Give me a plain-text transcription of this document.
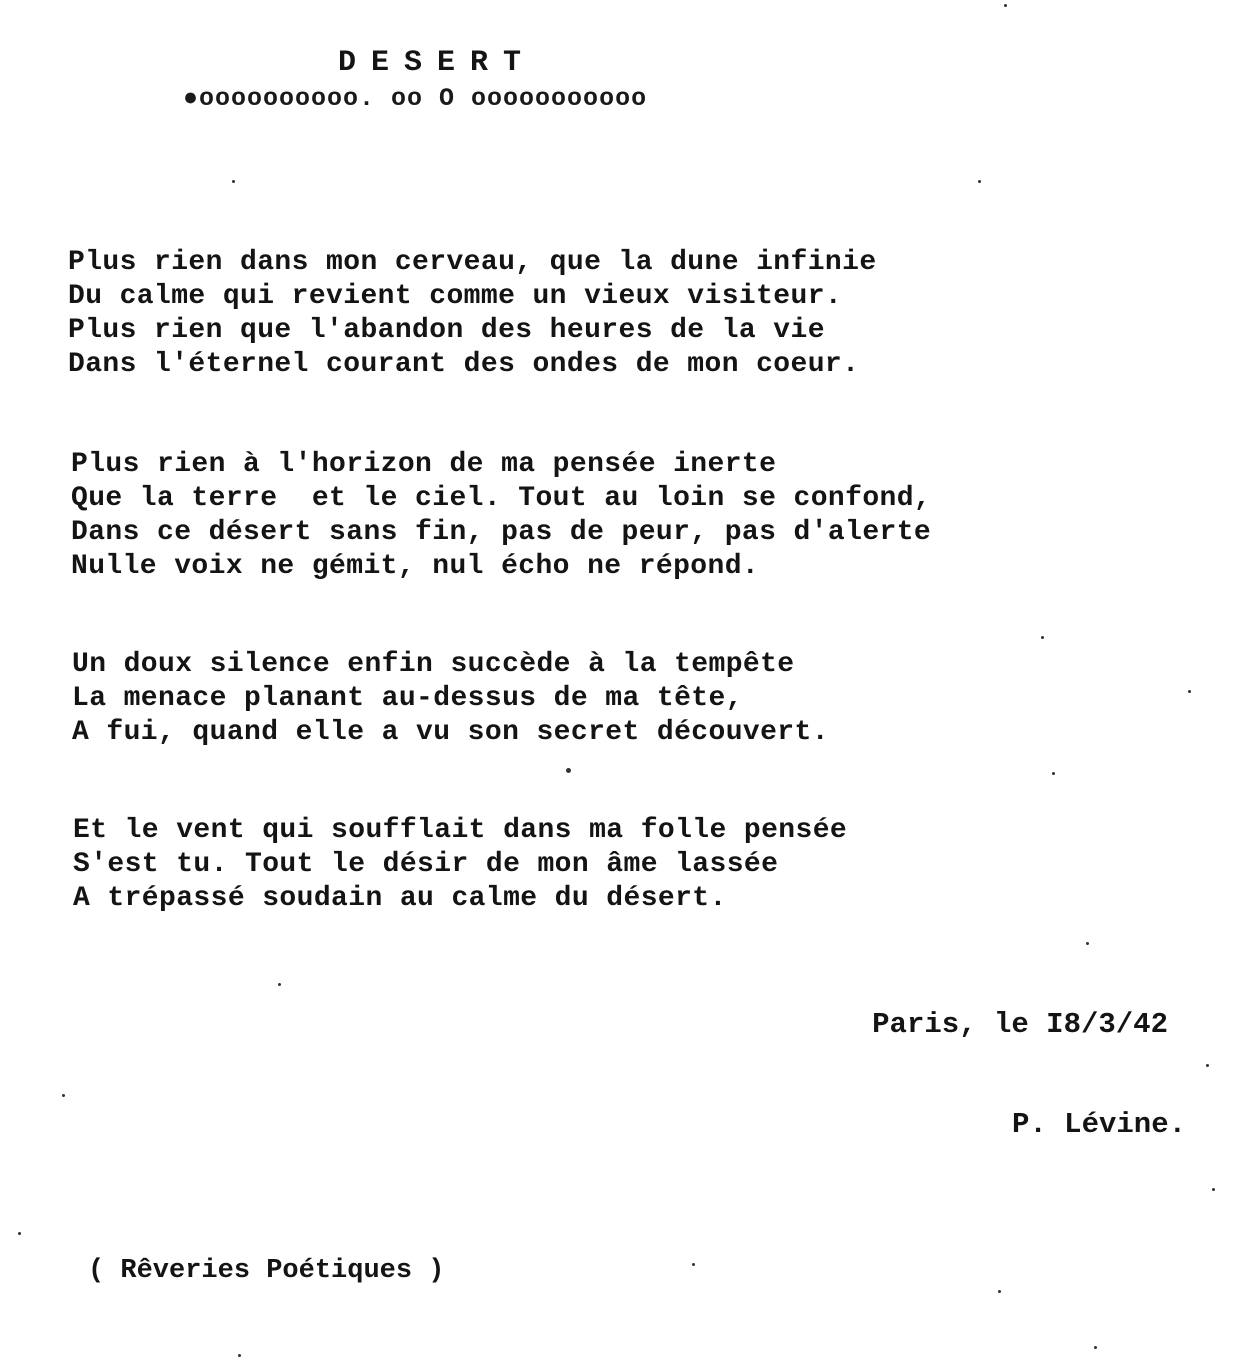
DESERT
●oooooooooo. oo O ooooooooooo
Plus rien dans mon cerveau, que la dune infinie
Du calme qui revient comme un vieux visiteur.
Plus rien que l'abandon des heures de la vie
Dans l'éternel courant des ondes de mon coeur.
Plus rien à l'horizon de ma pensée inerte
Que la terre  et le ciel. Tout au loin se confond,
Dans ce désert sans fin, pas de peur, pas d'alerte
Nulle voix ne gémit, nul écho ne répond.
Un doux silence enfin succède à la tempête
La menace planant au-dessus de ma tête,
A fui, quand elle a vu son secret découvert.
Et le vent qui soufflait dans ma folle pensée
S'est tu. Tout le désir de mon âme lassée
A trépassé soudain au calme du désert.
Paris, le I8/3/42
P. Lévine.
( Rêveries Poétiques )
